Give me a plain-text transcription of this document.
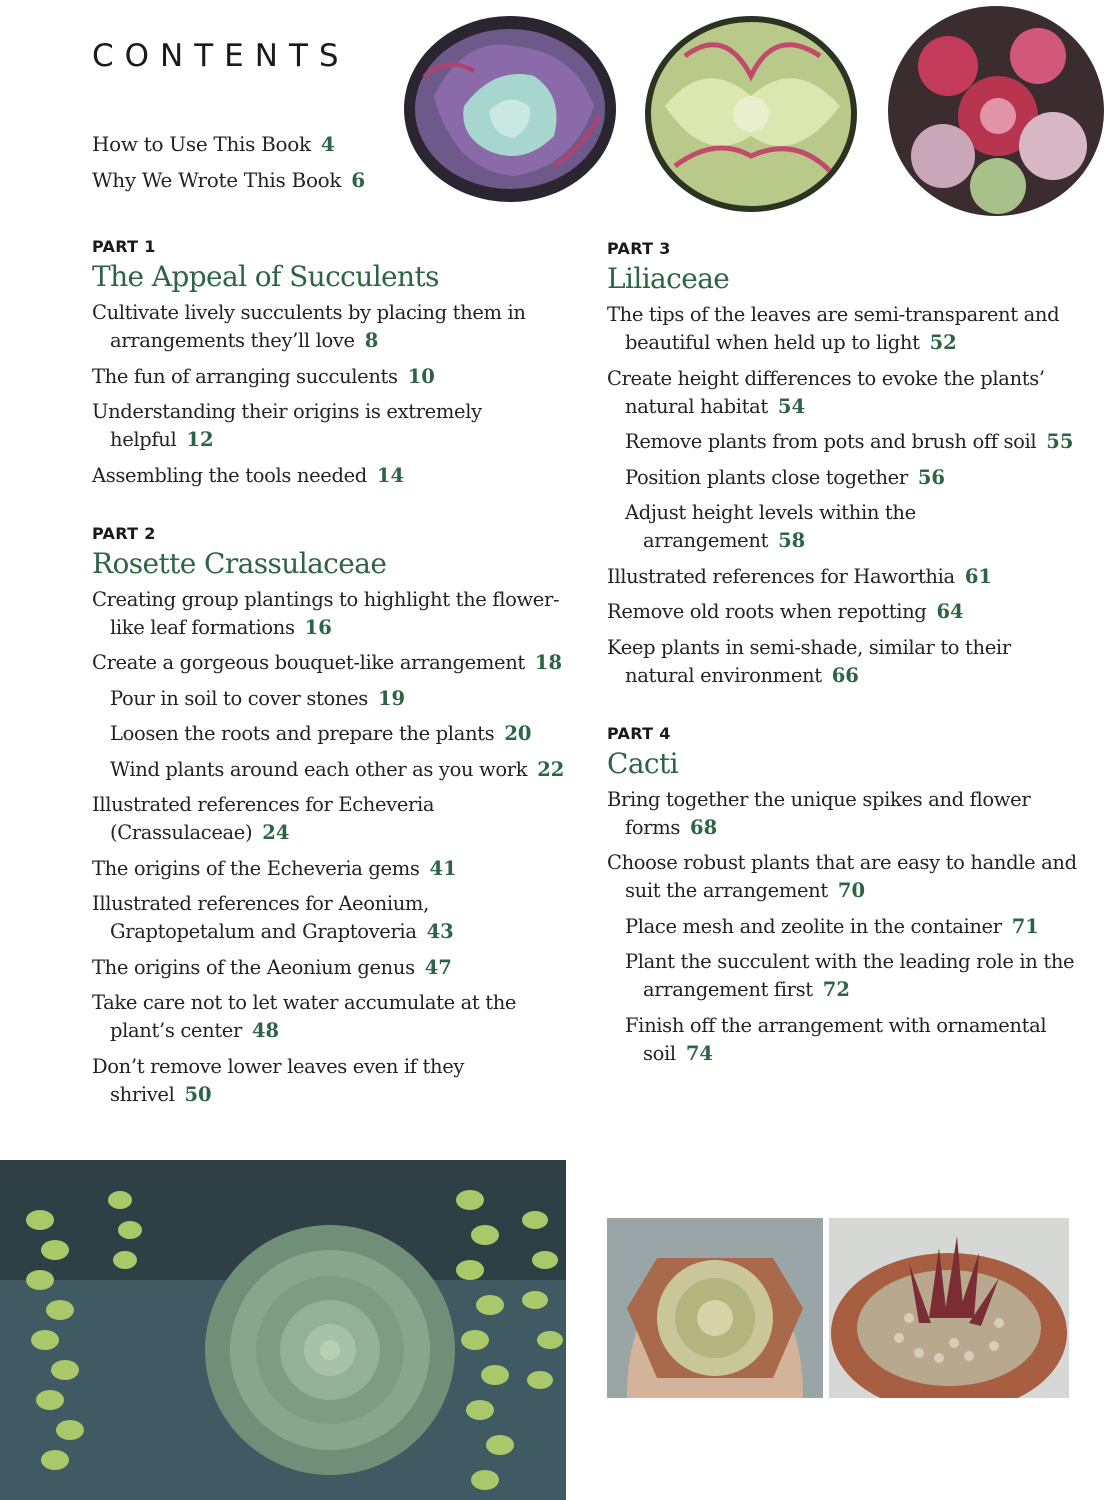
CONTENTS
How to Use This Book 4
Why We Wrote This Book 6
PART 1
The Appeal of Succulents
Cultivate lively succulents by placing them in arrangements they’ll love 8
The fun of arranging succulents 10
Understanding their origins is extremely helpful 12
Assembling the tools needed 14
PART 2
Rosette Crassulaceae
Creating group plantings to highlight the flower-like leaf formations 16
Create a gorgeous bouquet-like arrangement 18
Pour in soil to cover stones 19
Loosen the roots and prepare the plants 20
Wind plants around each other as you work 22
Illustrated references for Echeveria (Crassulaceae) 24
The origins of the Echeveria gems 41
Illustrated references for Aeonium, Graptopetalum and Graptoveria 43
The origins of the Aeonium genus 47
Take care not to let water accumulate at the plant’s center 48
Don’t remove lower leaves even if they shrivel 50
PART 3
Liliaceae
The tips of the leaves are semi-transparent and beautiful when held up to light 52
Create height differences to evoke the plants’ natural habitat 54
Remove plants from pots and brush off soil 55
Position plants close together 56
Adjust height levels within the arrangement 58
Illustrated references for Haworthia 61
Remove old roots when repotting 64
Keep plants in semi-shade, similar to their natural environment 66
PART 4
Cacti
Bring together the unique spikes and flower forms 68
Choose robust plants that are easy to handle and suit the arrangement 70
Place mesh and zeolite in the container 71
Plant the succulent with the leading role in the arrangement first 72
Finish off the arrangement with ornamental soil 74
